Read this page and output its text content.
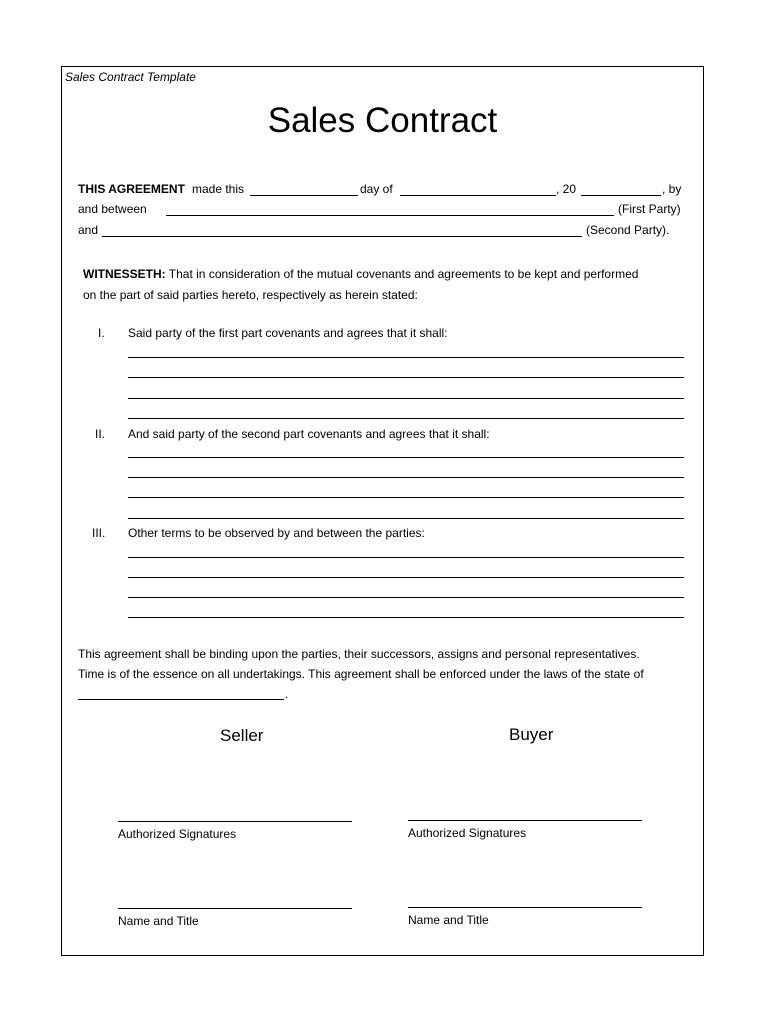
Sales Contract Template
Sales Contract
THIS AGREEMENT made this	day of	, 20	, by
and between	(First Party)
and	(Second Party).
WITNESSETH: That in consideration of the mutual covenants and agreements to be kept and performed
on the part of said parties hereto, respectively as herein stated:
I. Said party of the first part covenants and agrees that it shall:
II. And said party of the second part covenants and agrees that it shall:
III. Other terms to be observed by and between the parties:
This agreement shall be binding upon the parties, their successors, assigns and personal representatives.
Time is of the essence on all undertakings. This agreement shall be enforced under the laws of the state of
.
Seller	Buyer
Authorized Signatures	Authorized Signatures
Name and Title	Name and Title
